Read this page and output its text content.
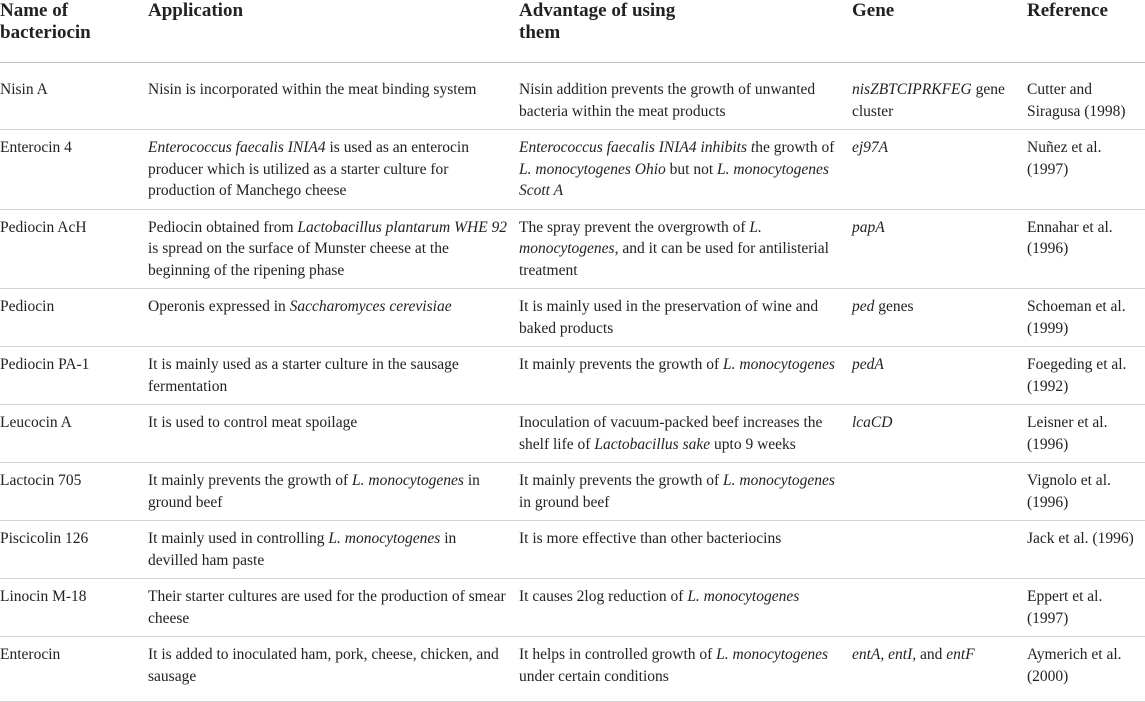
Name of bacteriocin	Application	Advantage of using them	Gene	Reference

Nisin A	Nisin is incorporated within the meat binding system	Nisin addition prevents the growth of unwanted bacteria within the meat products	nisZBTCIPRKFEG gene cluster	Cutter and Siragusa (1998)

Enterocin 4	Enterococcus faecalis INIA4 is used as an enterocin producer which is utilized as a starter culture for production of Manchego cheese	Enterococcus faecalis INIA4 inhibits the growth of L. monocytogenes Ohio but not L. monocytogenes Scott A	ej97A	Nuñez et al. (1997)

Pediocin AcH	Pediocin obtained from Lactobacillus plantarum WHE 92 is spread on the surface of Munster cheese at the beginning of the ripening phase	The spray prevent the overgrowth of L. monocytogenes, and it can be used for antilisterial treatment	papA	Ennahar et al. (1996)

Pediocin	Operonis expressed in Saccharomyces cerevisiae	It is mainly used in the preservation of wine and baked products	ped genes	Schoeman et al. (1999)

Pediocin PA-1	It is mainly used as a starter culture in the sausage fermentation	It mainly prevents the growth of L. monocytogenes	pedA	Foegeding et al. (1992)

Leucocin A	It is used to control meat spoilage	Inoculation of vacuum-packed beef increases the shelf life of Lactobacillus sake upto 9 weeks	lcaCD	Leisner et al. (1996)

Lactocin 705	It mainly prevents the growth of L. monocytogenes in ground beef	It mainly prevents the growth of L. monocytogenes in ground beef		Vignolo et al. (1996)

Piscicolin 126	It mainly used in controlling L. monocytogenes in devilled ham paste	It is more effective than other bacteriocins		Jack et al. (1996)

Linocin M-18	Their starter cultures are used for the production of smear cheese	It causes 2log reduction of L. monocytogenes		Eppert et al. (1997)

Enterocin	It is added to inoculated ham, pork, cheese, chicken, and sausage	It helps in controlled growth of L. monocytogenes under certain conditions	entA, entI, and entF	Aymerich et al. (2000)
